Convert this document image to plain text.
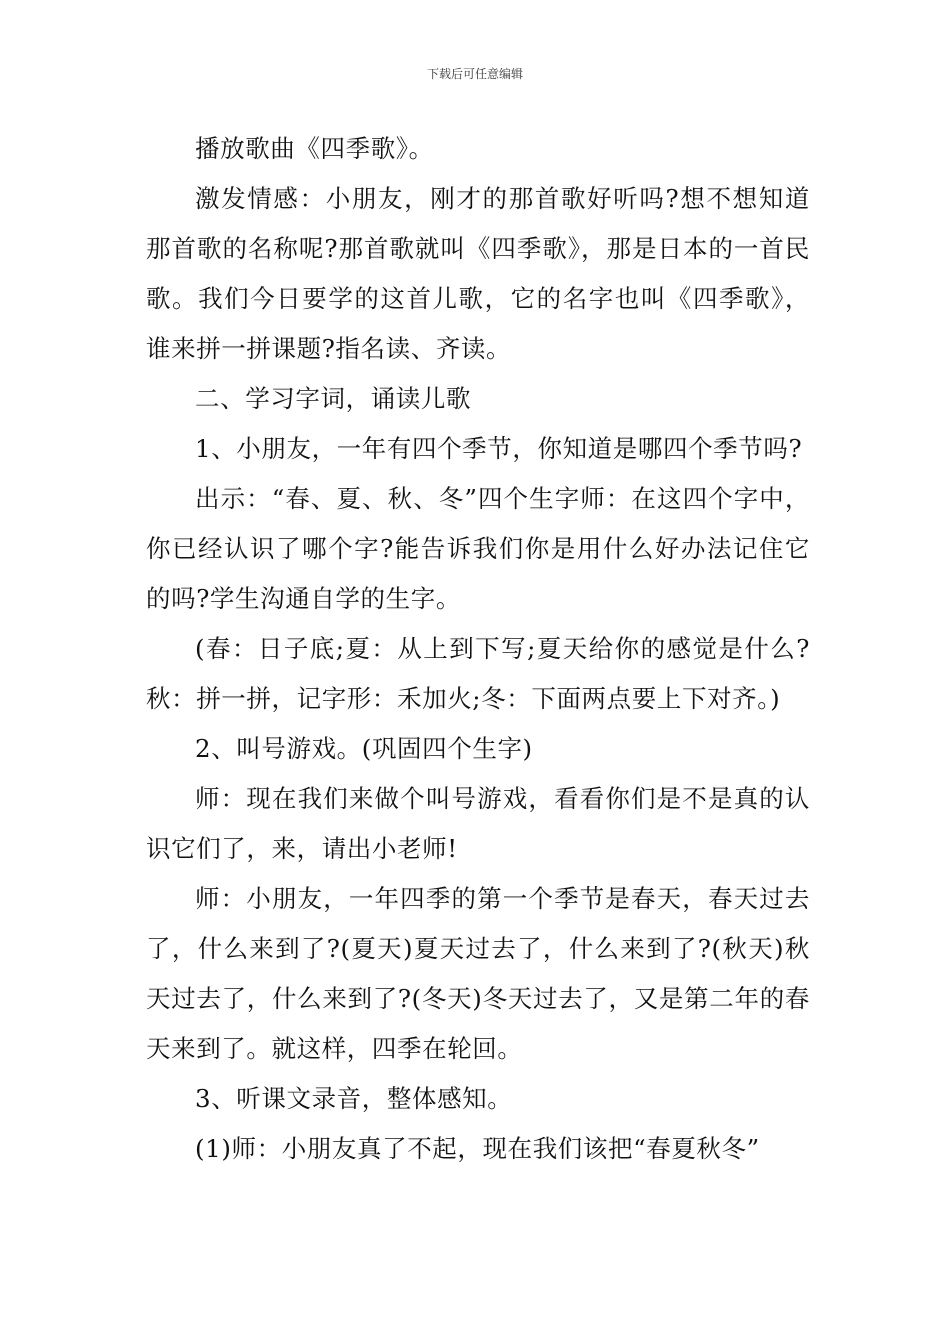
下载后可任意编辑

播放歌曲《四季歌》。

激发情感：小朋友，刚才的那首歌好听吗?想不想知道那首歌的名称呢?那首歌就叫《四季歌》，那是日本的一首民歌。我们今日要学的这首儿歌，它的名字也叫《四季歌》，谁来拼一拼课题?指名读、齐读。

二、学习字词，诵读儿歌

1、小朋友，一年有四个季节，你知道是哪四个季节吗?

出示：“春、夏、秋、冬”四个生字师：在这四个字中，你已经认识了哪个字?能告诉我们你是用什么好办法记住它的吗?学生沟通自学的生字。

(春：日子底;夏：从上到下写;夏天给你的感觉是什么?秋：拼一拼，记字形：禾加火;冬：下面两点要上下对齐。)

2、叫号游戏。(巩固四个生字)

师：现在我们来做个叫号游戏，看看你们是不是真的认识它们了，来，请出小老师!

师：小朋友，一年四季的第一个季节是春天，春天过去了，什么来到了?(夏天)夏天过去了，什么来到了?(秋天)秋天过去了，什么来到了?(冬天)冬天过去了，又是第二年的春天来到了。就这样，四季在轮回。

3、听课文录音，整体感知。

(1)师：小朋友真了不起，现在我们该把“春夏秋冬”
